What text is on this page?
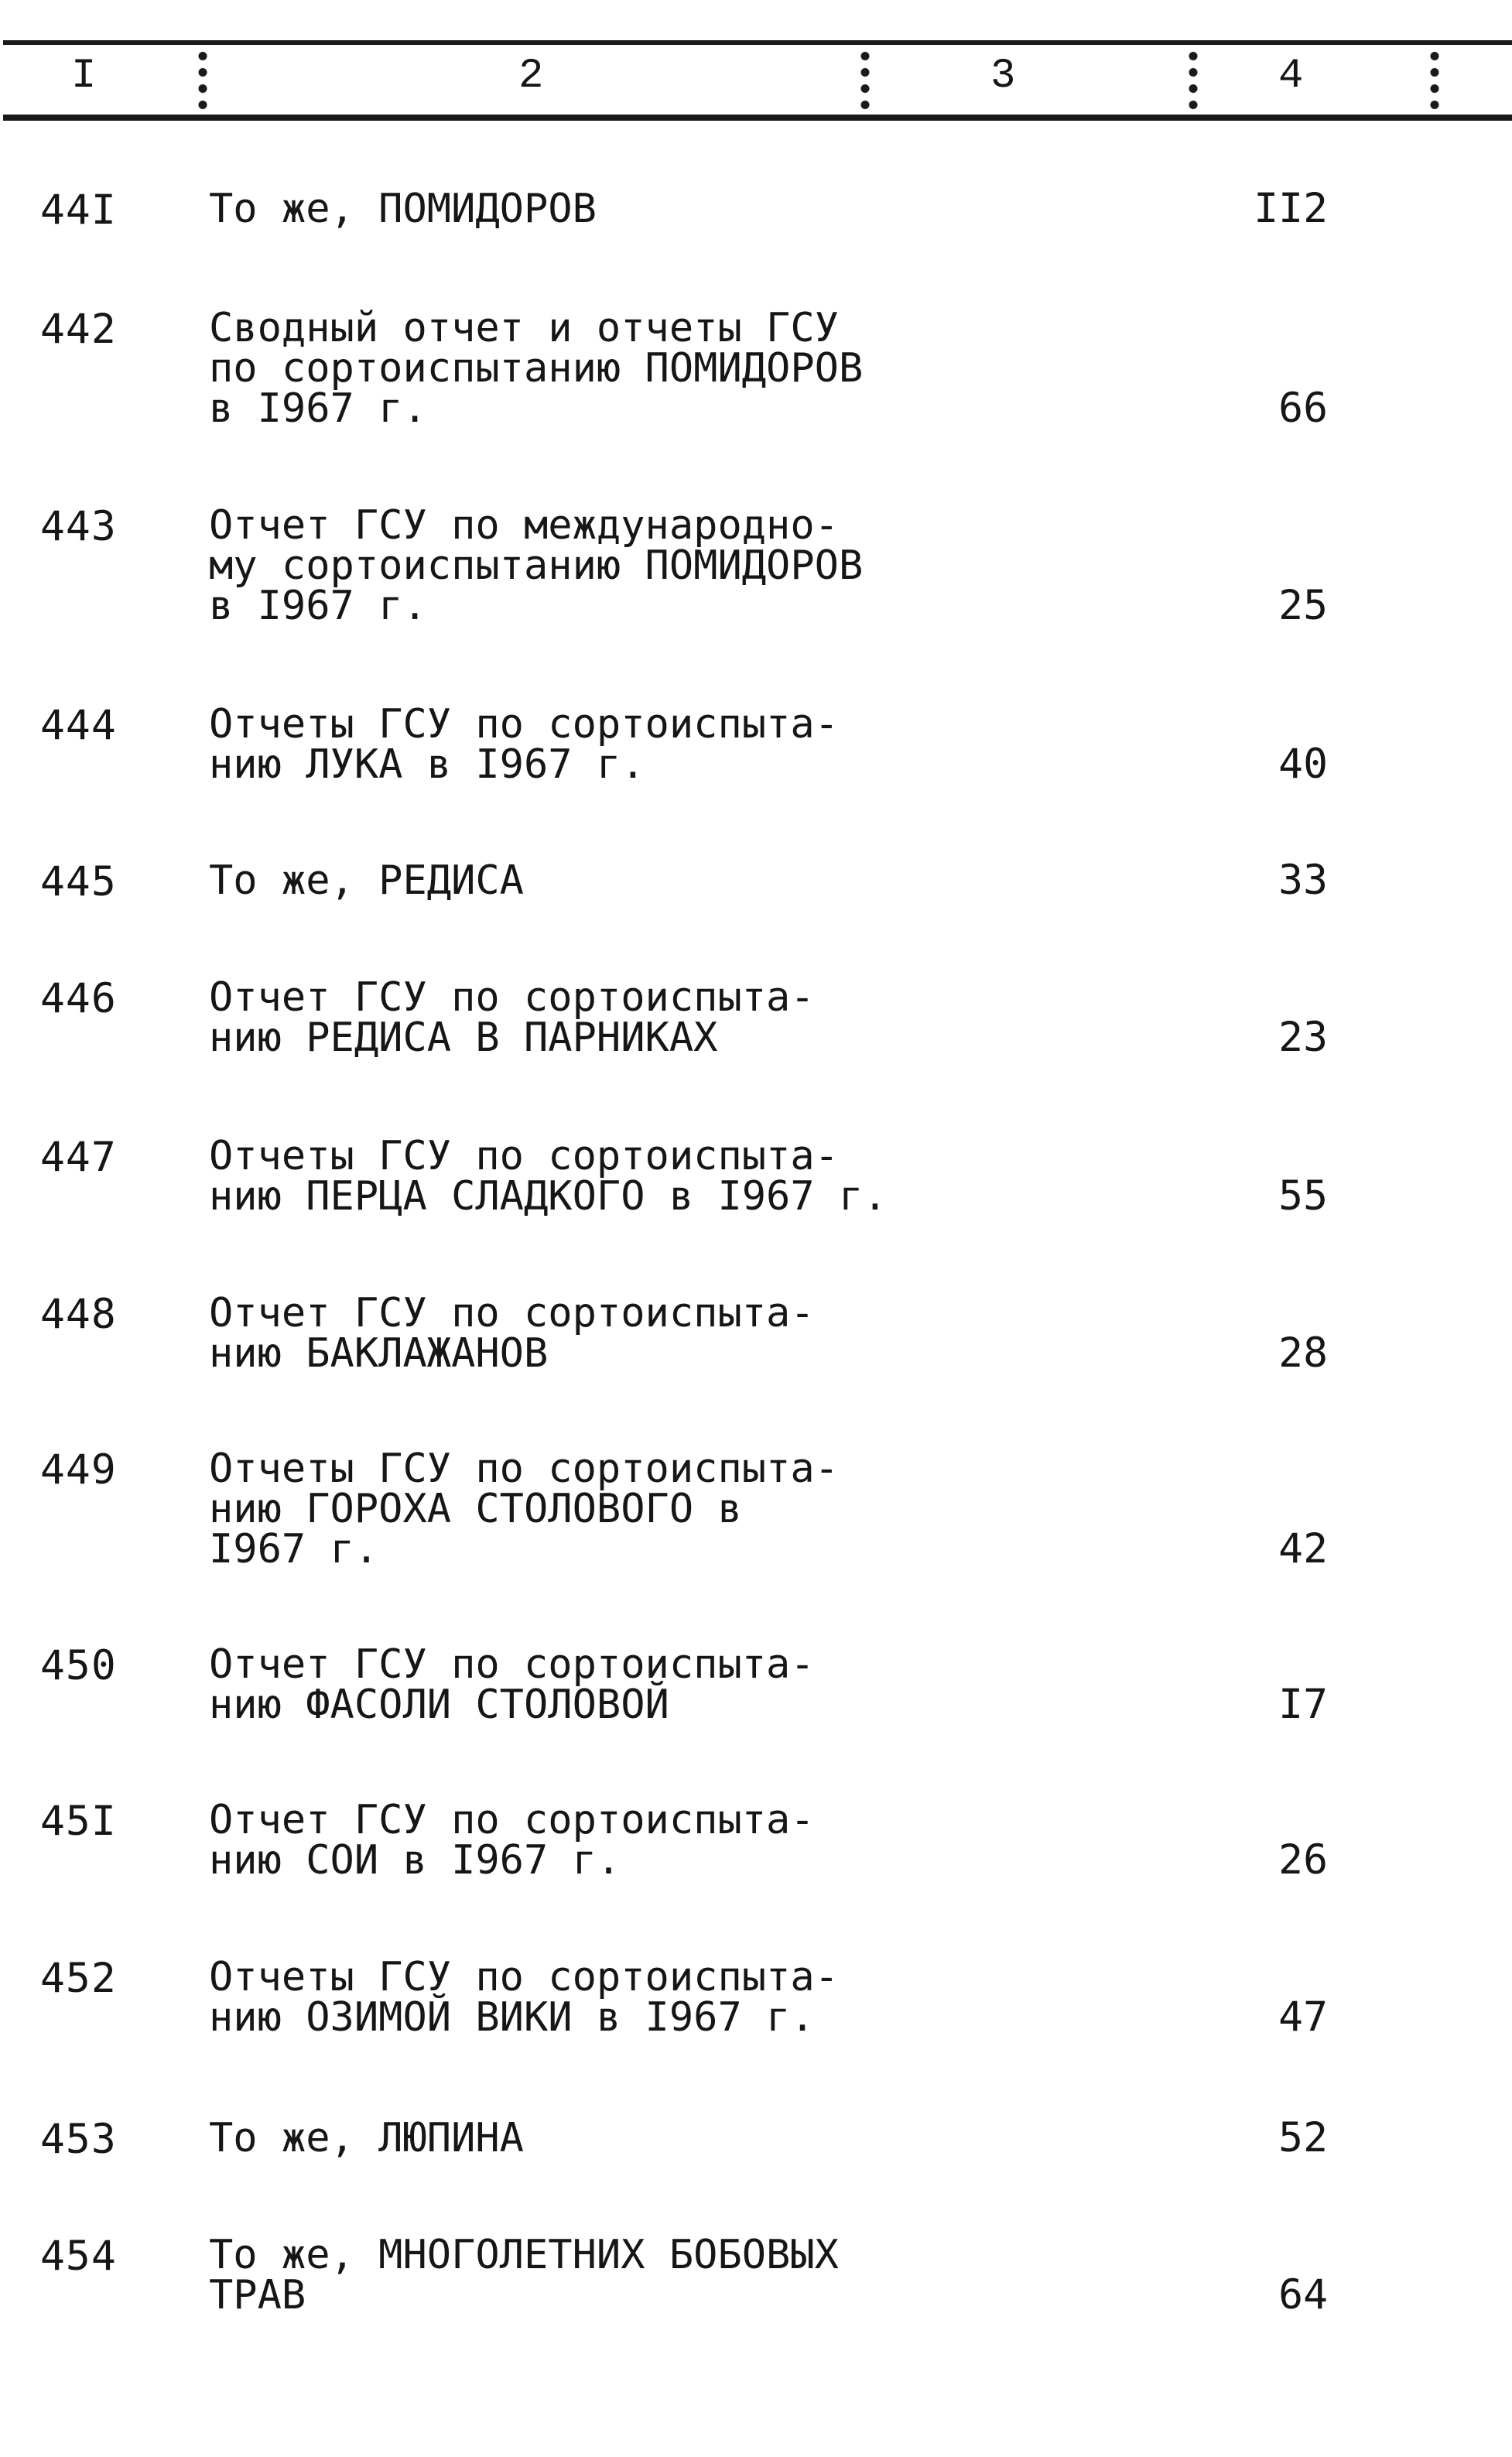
I	2	3	4
44I То же, ПОМИДОРОВ	II2
442 Сводный отчет и отчеты ГСУ
по сортоиспытанию ПОМИДОРОВ
в I967 г.	66
443 Отчет ГСУ по международно-
му сортоиспытанию ПОМИДОРОВ
в I967 г.	25
444 Отчеты ГСУ по сортоиспыта-
нию ЛУКА в I967 г.	40
445 То же, РЕДИСА	33
446 Отчет ГСУ по сортоиспыта-
нию РЕДИСА В ПАРНИКАХ	23
447 Отчеты ГСУ по сортоиспыта-
нию ПЕРЦА СЛАДКОГО в I967 г.	55
448 Отчет ГСУ по сортоиспыта-
нию БАКЛАЖАНОВ	28
449 Отчеты ГСУ по сортоиспыта-
нию ГОРОХА СТОЛОВОГО в
I967 г.	42
450 Отчет ГСУ по сортоиспыта-
нию ФАСОЛИ СТОЛОВОЙ	I7
45I Отчет ГСУ по сортоиспыта-
нию СОИ в I967 г.	26
452 Отчеты ГСУ по сортоиспыта-
нию ОЗИМОЙ ВИКИ в I967 г.	47
453 То же, ЛЮПИНА	52
454 То же, МНОГОЛЕТНИХ БОБОВЫХ
ТРАВ	64
